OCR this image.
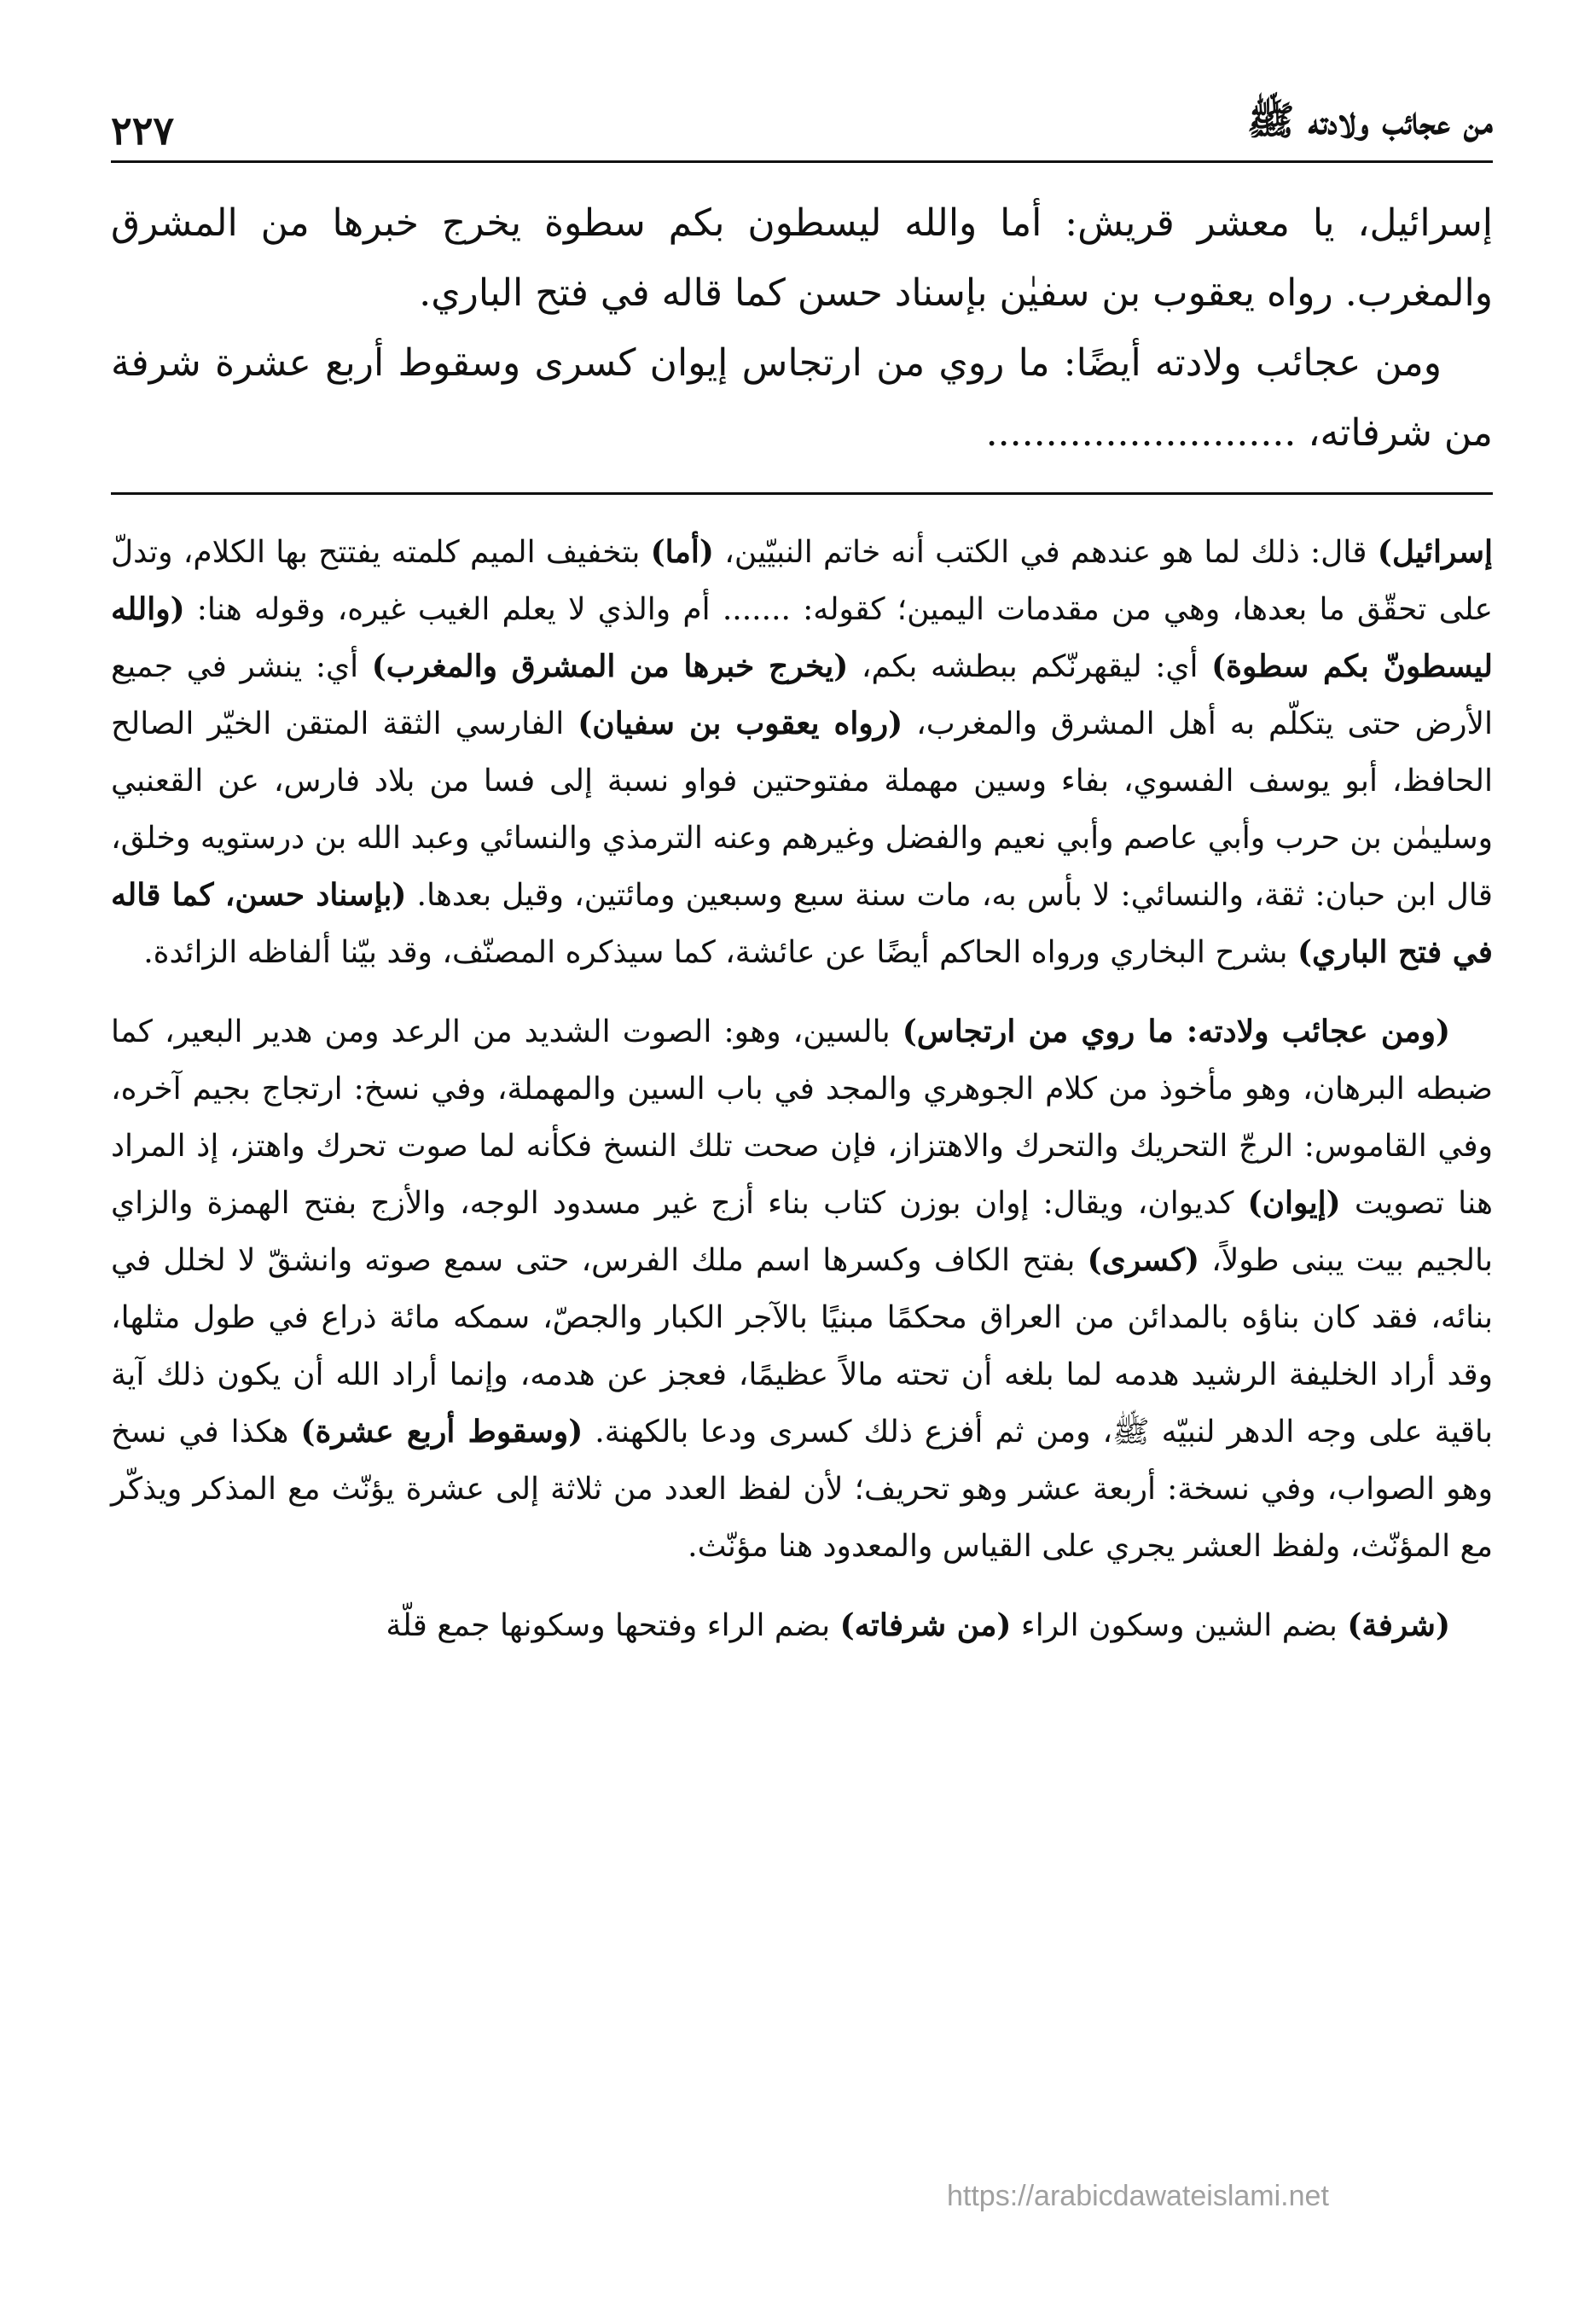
من عجائب ولادته ﷺ
٢٢٧

إسرائيل، يا معشر قريش: أما والله ليسطون بكم سطوة يخرج خبرها من المشرق والمغرب. رواه يعقوب بن سفيٰن بإسناد حسن كما قاله في فتح الباري.

ومن عجائب ولادته أيضًا: ما روي من ارتجاس إيوان كسرى وسقوط أربع عشرة شرفة من شرفاته، ..........................

إسرائيل) قال: ذلك لما هو عندهم في الكتب أنه خاتم النبيّين، (أما) بتخفيف الميم كلمته يفتتح بها الكلام، وتدلّ على تحقّق ما بعدها، وهي من مقدمات اليمين؛ كقوله: ....... أم والذي لا يعلم الغيب غيره، وقوله هنا: (والله ليسطونّ بكم سطوة) أي: ليقهرنّكم ببطشه بكم، (يخرج خبرها من المشرق والمغرب) أي: ينشر في جميع الأرض حتى يتكلّم به أهل المشرق والمغرب، (رواه يعقوب بن سفيان) الفارسي الثقة المتقن الخيّر الصالح الحافظ، أبو يوسف الفسوي، بفاء وسين مهملة مفتوحتين فواو نسبة إلى فسا من بلاد فارس، عن القعنبي وسليمٰن بن حرب وأبي عاصم وأبي نعيم والفضل وغيرهم وعنه الترمذي والنسائي وعبد الله بن درستويه وخلق، قال ابن حبان: ثقة، والنسائي: لا بأس به، مات سنة سبع وسبعين ومائتين، وقيل بعدها. (بإسناد حسن، كما قاله في فتح الباري) بشرح البخاري ورواه الحاكم أيضًا عن عائشة، كما سيذكره المصنّف، وقد بيّنا ألفاظه الزائدة.

(ومن عجائب ولادته: ما روي من ارتجاس) بالسين، وهو: الصوت الشديد من الرعد ومن هدير البعير، كما ضبطه البرهان، وهو مأخوذ من كلام الجوهري والمجد في باب السين والمهملة، وفي نسخ: ارتجاج بجيم آخره، وفي القاموس: الرجّ التحريك والتحرك والاهتزاز، فإن صحت تلك النسخ فكأنه لما صوت تحرك واهتز، إذ المراد هنا تصويت (إيوان) كديوان، ويقال: إوان بوزن كتاب بناء أزج غير مسدود الوجه، والأزج بفتح الهمزة والزاي بالجيم بيت يبنى طولاً، (كسرى) بفتح الكاف وكسرها اسم ملك الفرس، حتى سمع صوته وانشقّ لا لخلل في بنائه، فقد كان بناؤه بالمدائن من العراق محكمًا مبنيًا بالآجر الكبار والجصّ، سمكه مائة ذراع في طول مثلها، وقد أراد الخليفة الرشيد هدمه لما بلغه أن تحته مالاً عظيمًا، فعجز عن هدمه، وإنما أراد الله أن يكون ذلك آية باقية على وجه الدهر لنبيّه ﷺ، ومن ثم أفزع ذلك كسرى ودعا بالكهنة. (وسقوط أربع عشرة) هكذا في نسخ وهو الصواب، وفي نسخة: أربعة عشر وهو تحريف؛ لأن لفظ العدد من ثلاثة إلى عشرة يؤنّث مع المذكر ويذكّر مع المؤنّث، ولفظ العشر يجري على القياس والمعدود هنا مؤنّث.

(شرفة) بضم الشين وسكون الراء (من شرفاته) بضم الراء وفتحها وسكونها جمع قلّة

https://arabicdawateislami.net
